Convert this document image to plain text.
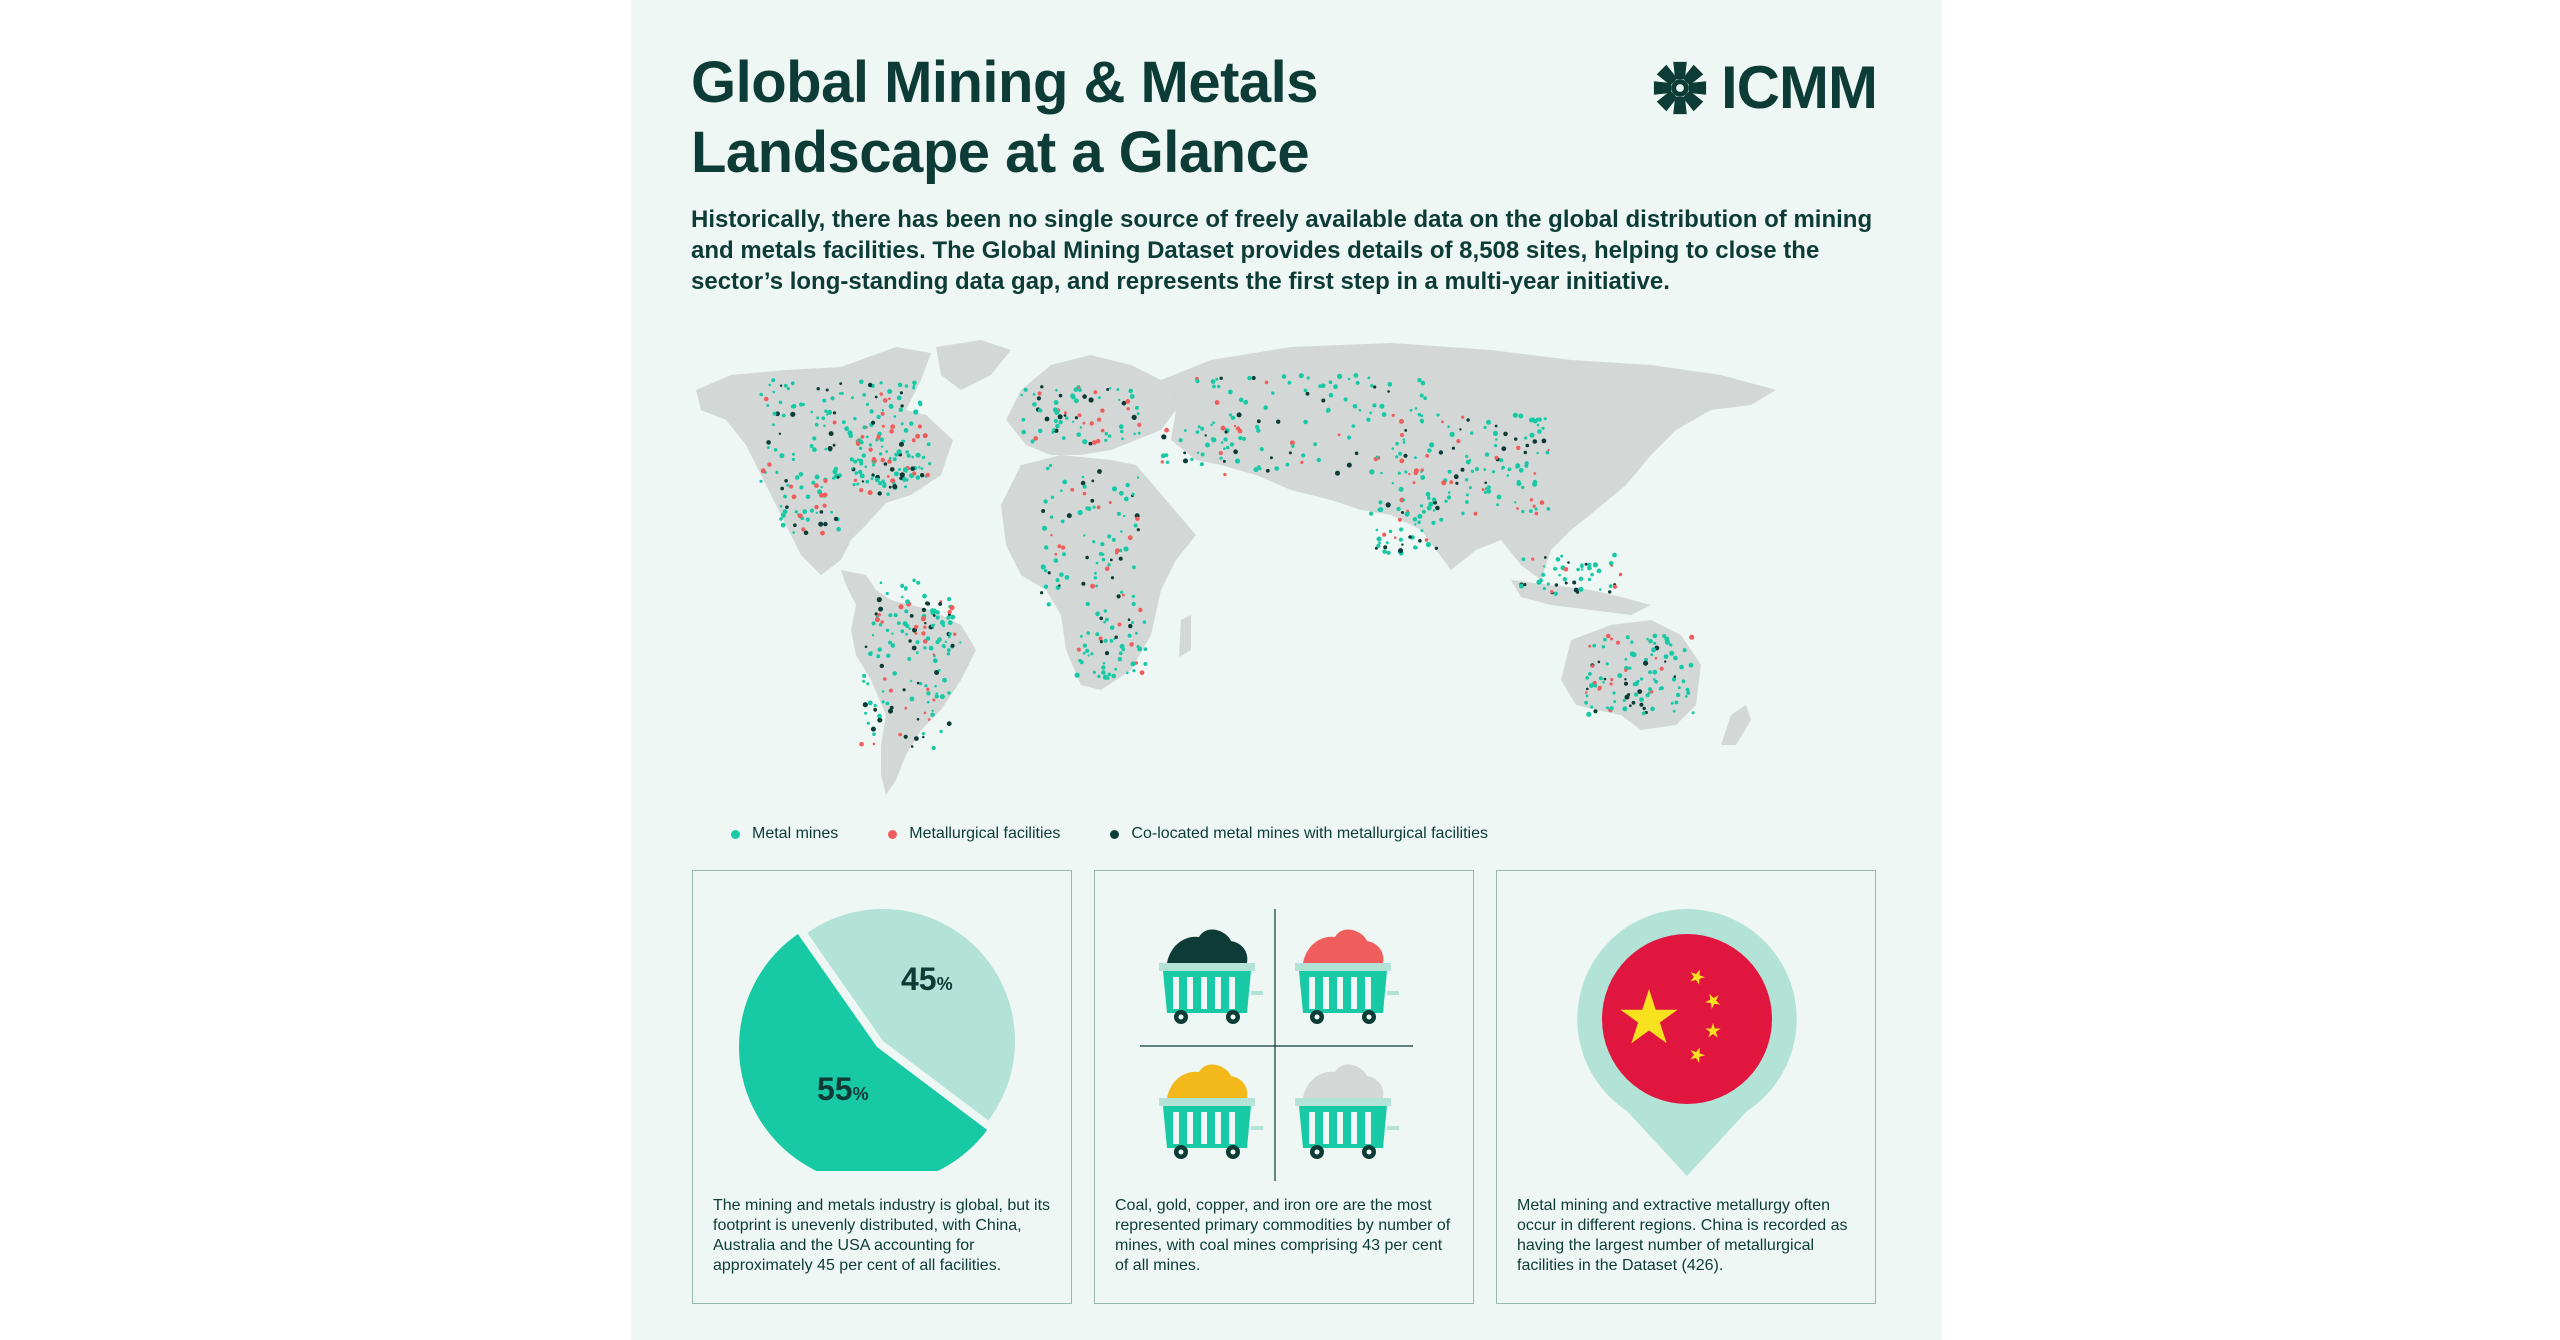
Global Mining & Metals
Landscape at a Glance
ICMM

Historically, there has been no single source of freely available data on the global distribution of mining and metals facilities. The Global Mining Dataset provides details of 8,508 sites, helping to close the sector’s long-standing data gap, and represents the first step in a multi-year initiative.

Metal mines	Metallurgical facilities	Co-located metal mines with metallurgical facilities
45%
55%

The mining and metals industry is global, but its footprint is unevenly distributed, with China, Australia and the USA accounting for approximately 45 per cent of all facilities.

Coal, gold, copper, and iron ore are the most represented primary commodities by number of mines, with coal mines comprising 43 per cent of all mines.

Metal mining and extractive metallurgy often occur in different regions. China is recorded as having the largest number of metallurgical facilities in the Dataset (426).
